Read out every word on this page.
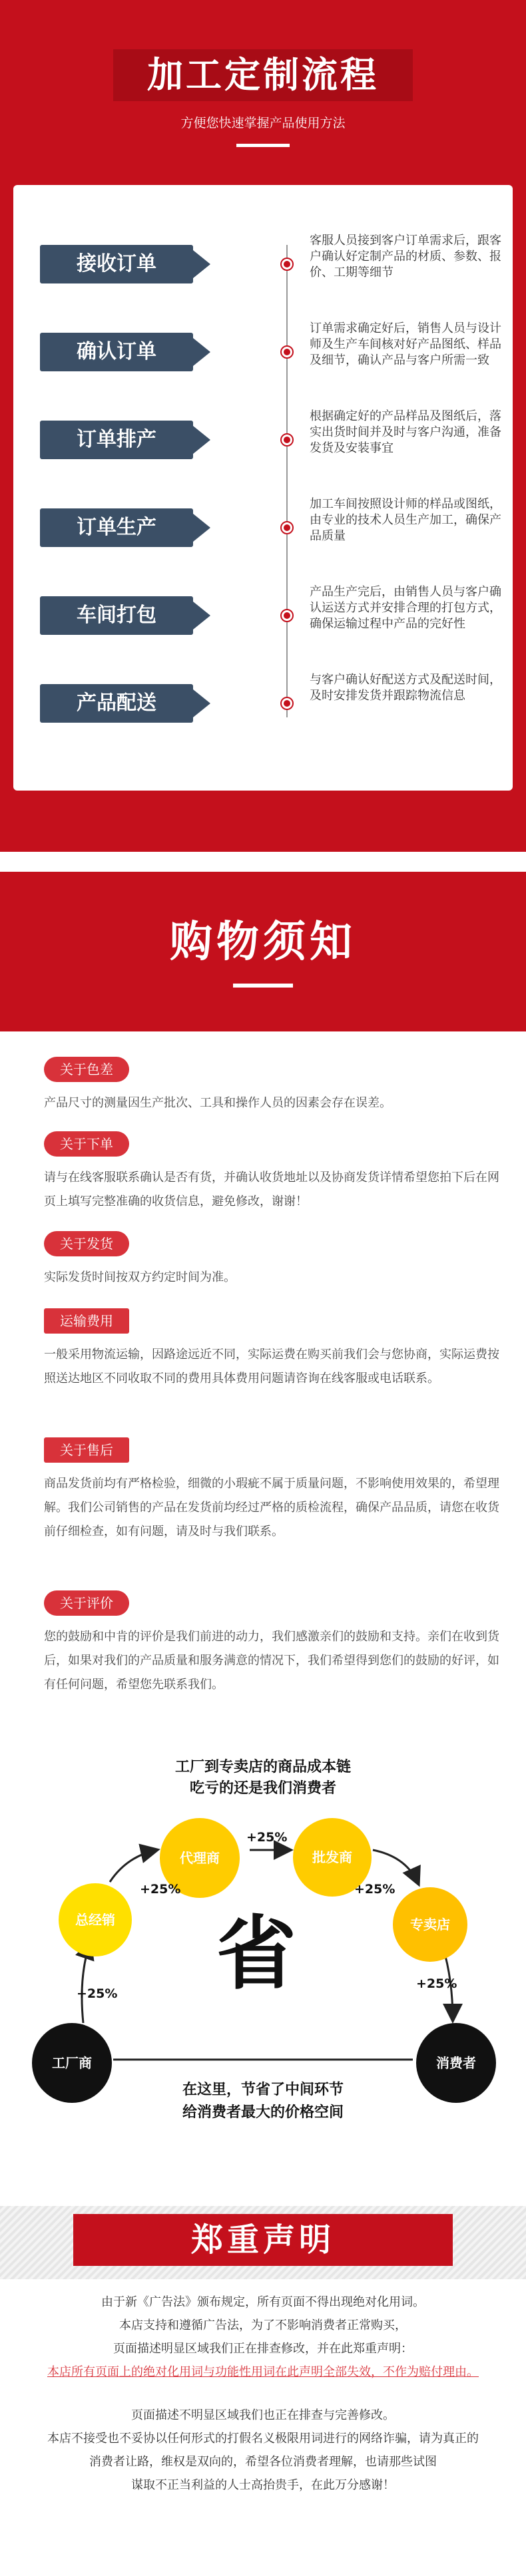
加工定制流程
方便您快速掌握产品使用方法
接收订单
客服人员接到客户订单需求后，跟客户确认好定制产品的材质、参数、报价、工期等细节
确认订单
订单需求确定好后，销售人员与设计师及生产车间核对好产品图纸、样品及细节，确认产品与客户所需一致
订单排产
根据确定好的产品样品及图纸后，落实出货时间并及时与客户沟通，准备发货及安装事宜
订单生产
加工车间按照设计师的样品或图纸，由专业的技术人员生产加工，确保产品质量
车间打包
产品生产完后，由销售人员与客户确认运送方式并安排合理的打包方式，确保运输过程中产品的完好性
产品配送
与客户确认好配送方式及配送时间，及时安排发货并跟踪物流信息
购物须知
关于色差
产品尺寸的测量因生产批次、工具和操作人员的因素会存在误差。
关于下单
请与在线客服联系确认是否有货，并确认收货地址以及协商发货详情希望您拍下后在网页上填写完整准确的收货信息，避免修改，谢谢！
关于发货
实际发货时间按双方约定时间为准。
运输费用
一般采用物流运输，因路途远近不同，实际运费在购买前我们会与您协商，实际运费按照送达地区不同收取不同的费用具体费用问题请咨询在线客服或电话联系。
关于售后
商品发货前均有严格检验，细微的小瑕疵不属于质量问题，不影响使用效果的，希望理解。我们公司销售的产品在发货前均经过严格的质检流程，确保产品品质，请您在收货前仔细检查，如有问题，请及时与我们联系。
关于评价
您的鼓励和中肯的评价是我们前进的动力，我们感激亲们的鼓励和支持。亲们在收到货后，如果对我们的产品质量和服务满意的情况下，我们希望得到您们的鼓励的好评，如有任何问题，希望您先联系我们。
工厂到专卖店的商品成本链
吃亏的还是我们消费者
代理商	批发商
总经销	专卖店
工厂商	消费者
+25%
+25%	+25%
+25%
+25%
省
在这里，节省了中间环节
给消费者最大的价格空间
郑重声明
由于新《广告法》颁布规定，所有页面不得出现绝对化用词。
本店支持和遵循广告法，为了不影响消费者正常购买，
页面描述明显区域我们正在排查修改，并在此郑重声明：
本店所有页面上的绝对化用词与功能性用词在此声明全部失效，不作为赔付理由。
页面描述不明显区域我们也正在排查与完善修改。
本店不接受也不妥协以任何形式的打假名义极限用词进行的网络诈骗，请为真正的
消费者让路，维权是双向的，希望各位消费者理解，也请那些试图
谋取不正当利益的人士高抬贵手，在此万分感谢！
